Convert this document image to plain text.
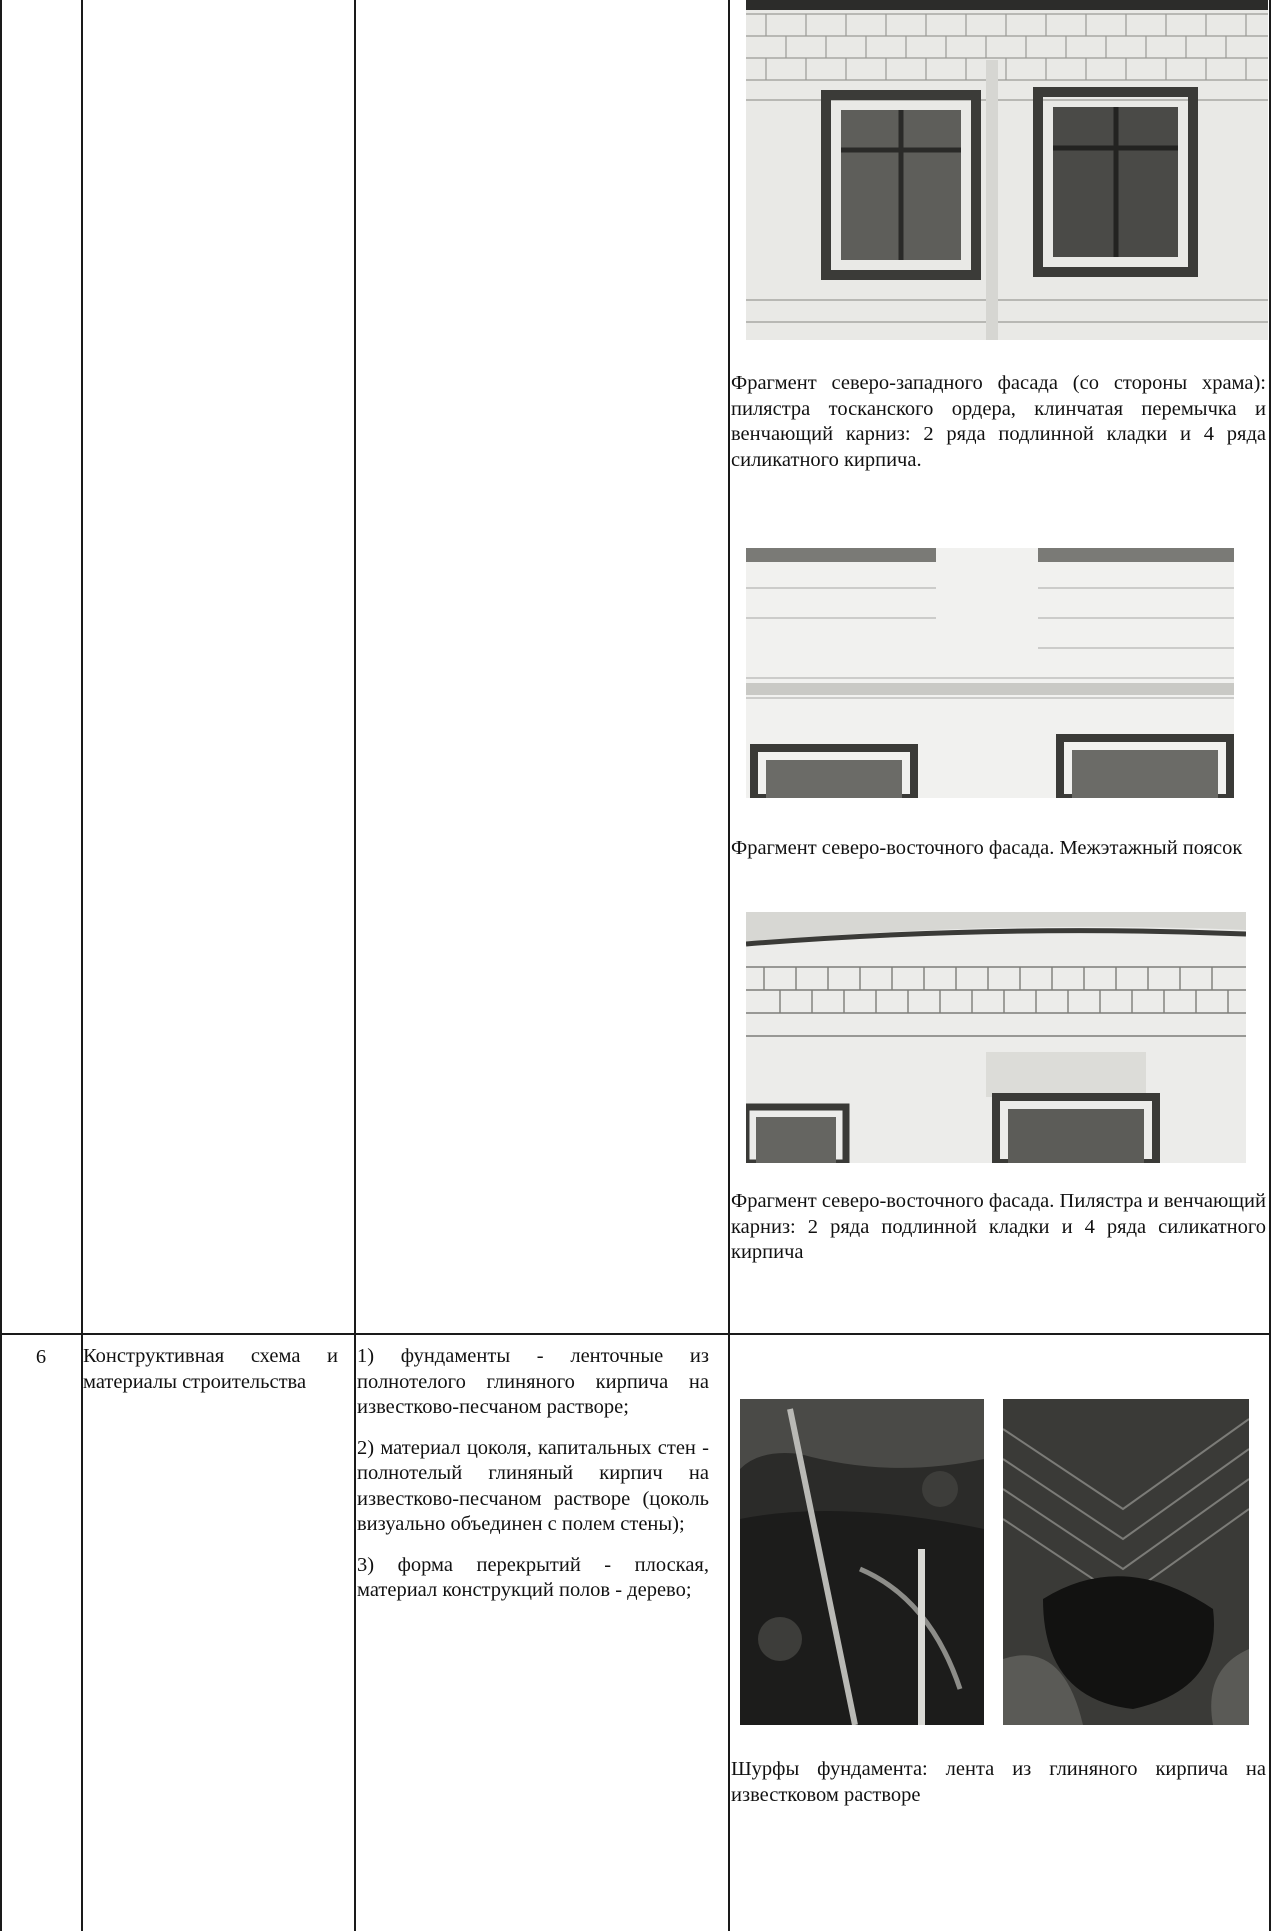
Фрагмент северо-западного фасада (со стороны храма): пилястра тосканского ордера, клинчатая перемычка и венчающий карниз: 2 ряда подлинной кладки и 4 ряда силикатного кирпича.
Фрагмент северо-восточного фасада. Межэтажный поясок
Фрагмент северо-восточного фасада. Пилястра и венчающий карниз: 2 ряда подлинной кладки и 4 ряда силикатного кирпича
6	Конструктивная схема и материалы строительства

1) фундаменты - ленточные из полнотелого глиняного кирпича на известково-песчаном растворе;

2) материал цоколя, капитальных стен - полнотелый глиняный кирпич на известково-песчаном растворе (цоколь визуально объединен с полем стены);

3) форма перекрытий - плоская, материал конструкций полов - дерево;

Шурфы фундамента: лента из глиняного кирпича на известковом растворе
